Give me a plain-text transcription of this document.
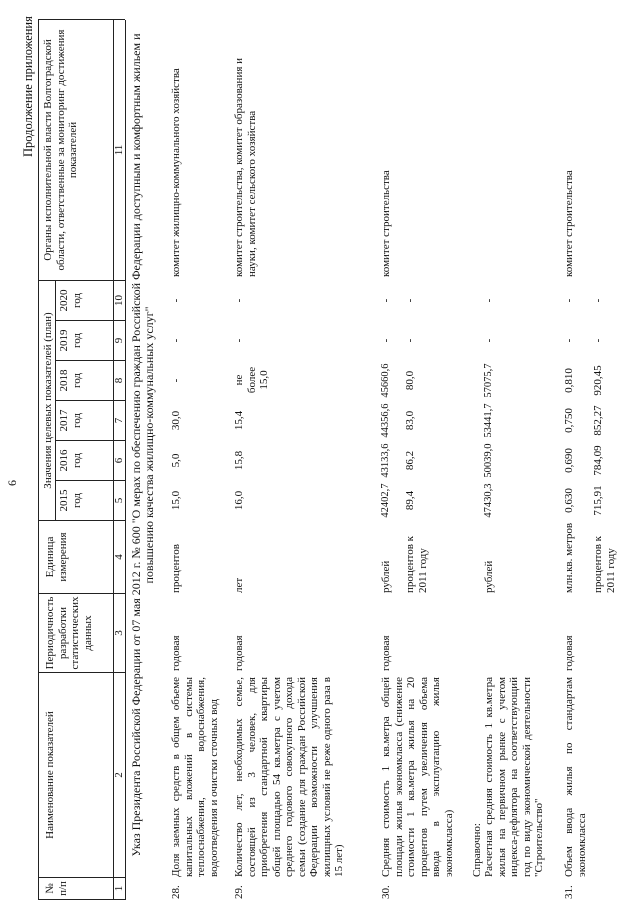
6
Продолжение приложения
№ п/п
Наименование показателей
Периодичность разработки статистических данных
Единица измерения
Значения целевых показателей (план)
2015 год
2016 год
2017 год
2018 год
2019 год
2020 год
Органы исполнительной власти Волгоградской области, ответственные за мониторинг достижения показателей
1
2
3
4
5
6
7
8
9
10
11 Указ Президента Российской Федерации от 07 мая 2012 г. № 600 "О мерах по обеспечению граждан Российской Федерации доступным и комфортным жильем и повышению качества жилищно-коммунальных услуг"
28.
Доля заемных средств в общем объеме капитальных вложений в системы теплоснабжения, водоснабжения, водоотведения и очистки сточных вод
годовая
процентов
15,0
5,0
30,0
-
-
-
комитет жилищно-коммунального хозяйства
29.
Количество лет, необходимых семье, состоящей из 3 человек, для приобретения стандартной квартиры общей площадью 54 кв.метра с учетом среднего годового совокупного дохода семьи (создание для граждан Российской Федерации возможности улучшения жилищных условий не реже одного раза в 15 лет)
годовая
лет
16,0
15,8
15,4
не более 15,0
-
-
комитет строительства, комитет образования и науки, комитет сельского хозяйства
30.
Средняя стоимость 1 кв.метра общей площади жилья экономкласса (снижение стоимости 1 кв.метра жилья на 20 процентов путем увеличения объема ввода в эксплуатацию жилья экономкласса)
годовая
рублей
42402,7
43133,6
44356,6
45660,6
-
-
комитет строительства
процентов к 2011 году
89,4
86,2
83,0
80,0
-
-
Справочно: Расчетная средняя стоимость 1 кв.метра жилья на первичном рынке с учетом индекса-дефлятора на соответствующий год по виду экономической деятельности "Строительство"
рублей
47430,3
50039,0
53441,7
57075,7
-
-
31.
Объем ввода жилья по стандартам экономкласса
годовая
млн.кв. метров
0,630
0,690
0,750
0,810
-
-
комитет строительства
процентов к 2011 году
715,91
784,09
852,27
920,45
-
-
